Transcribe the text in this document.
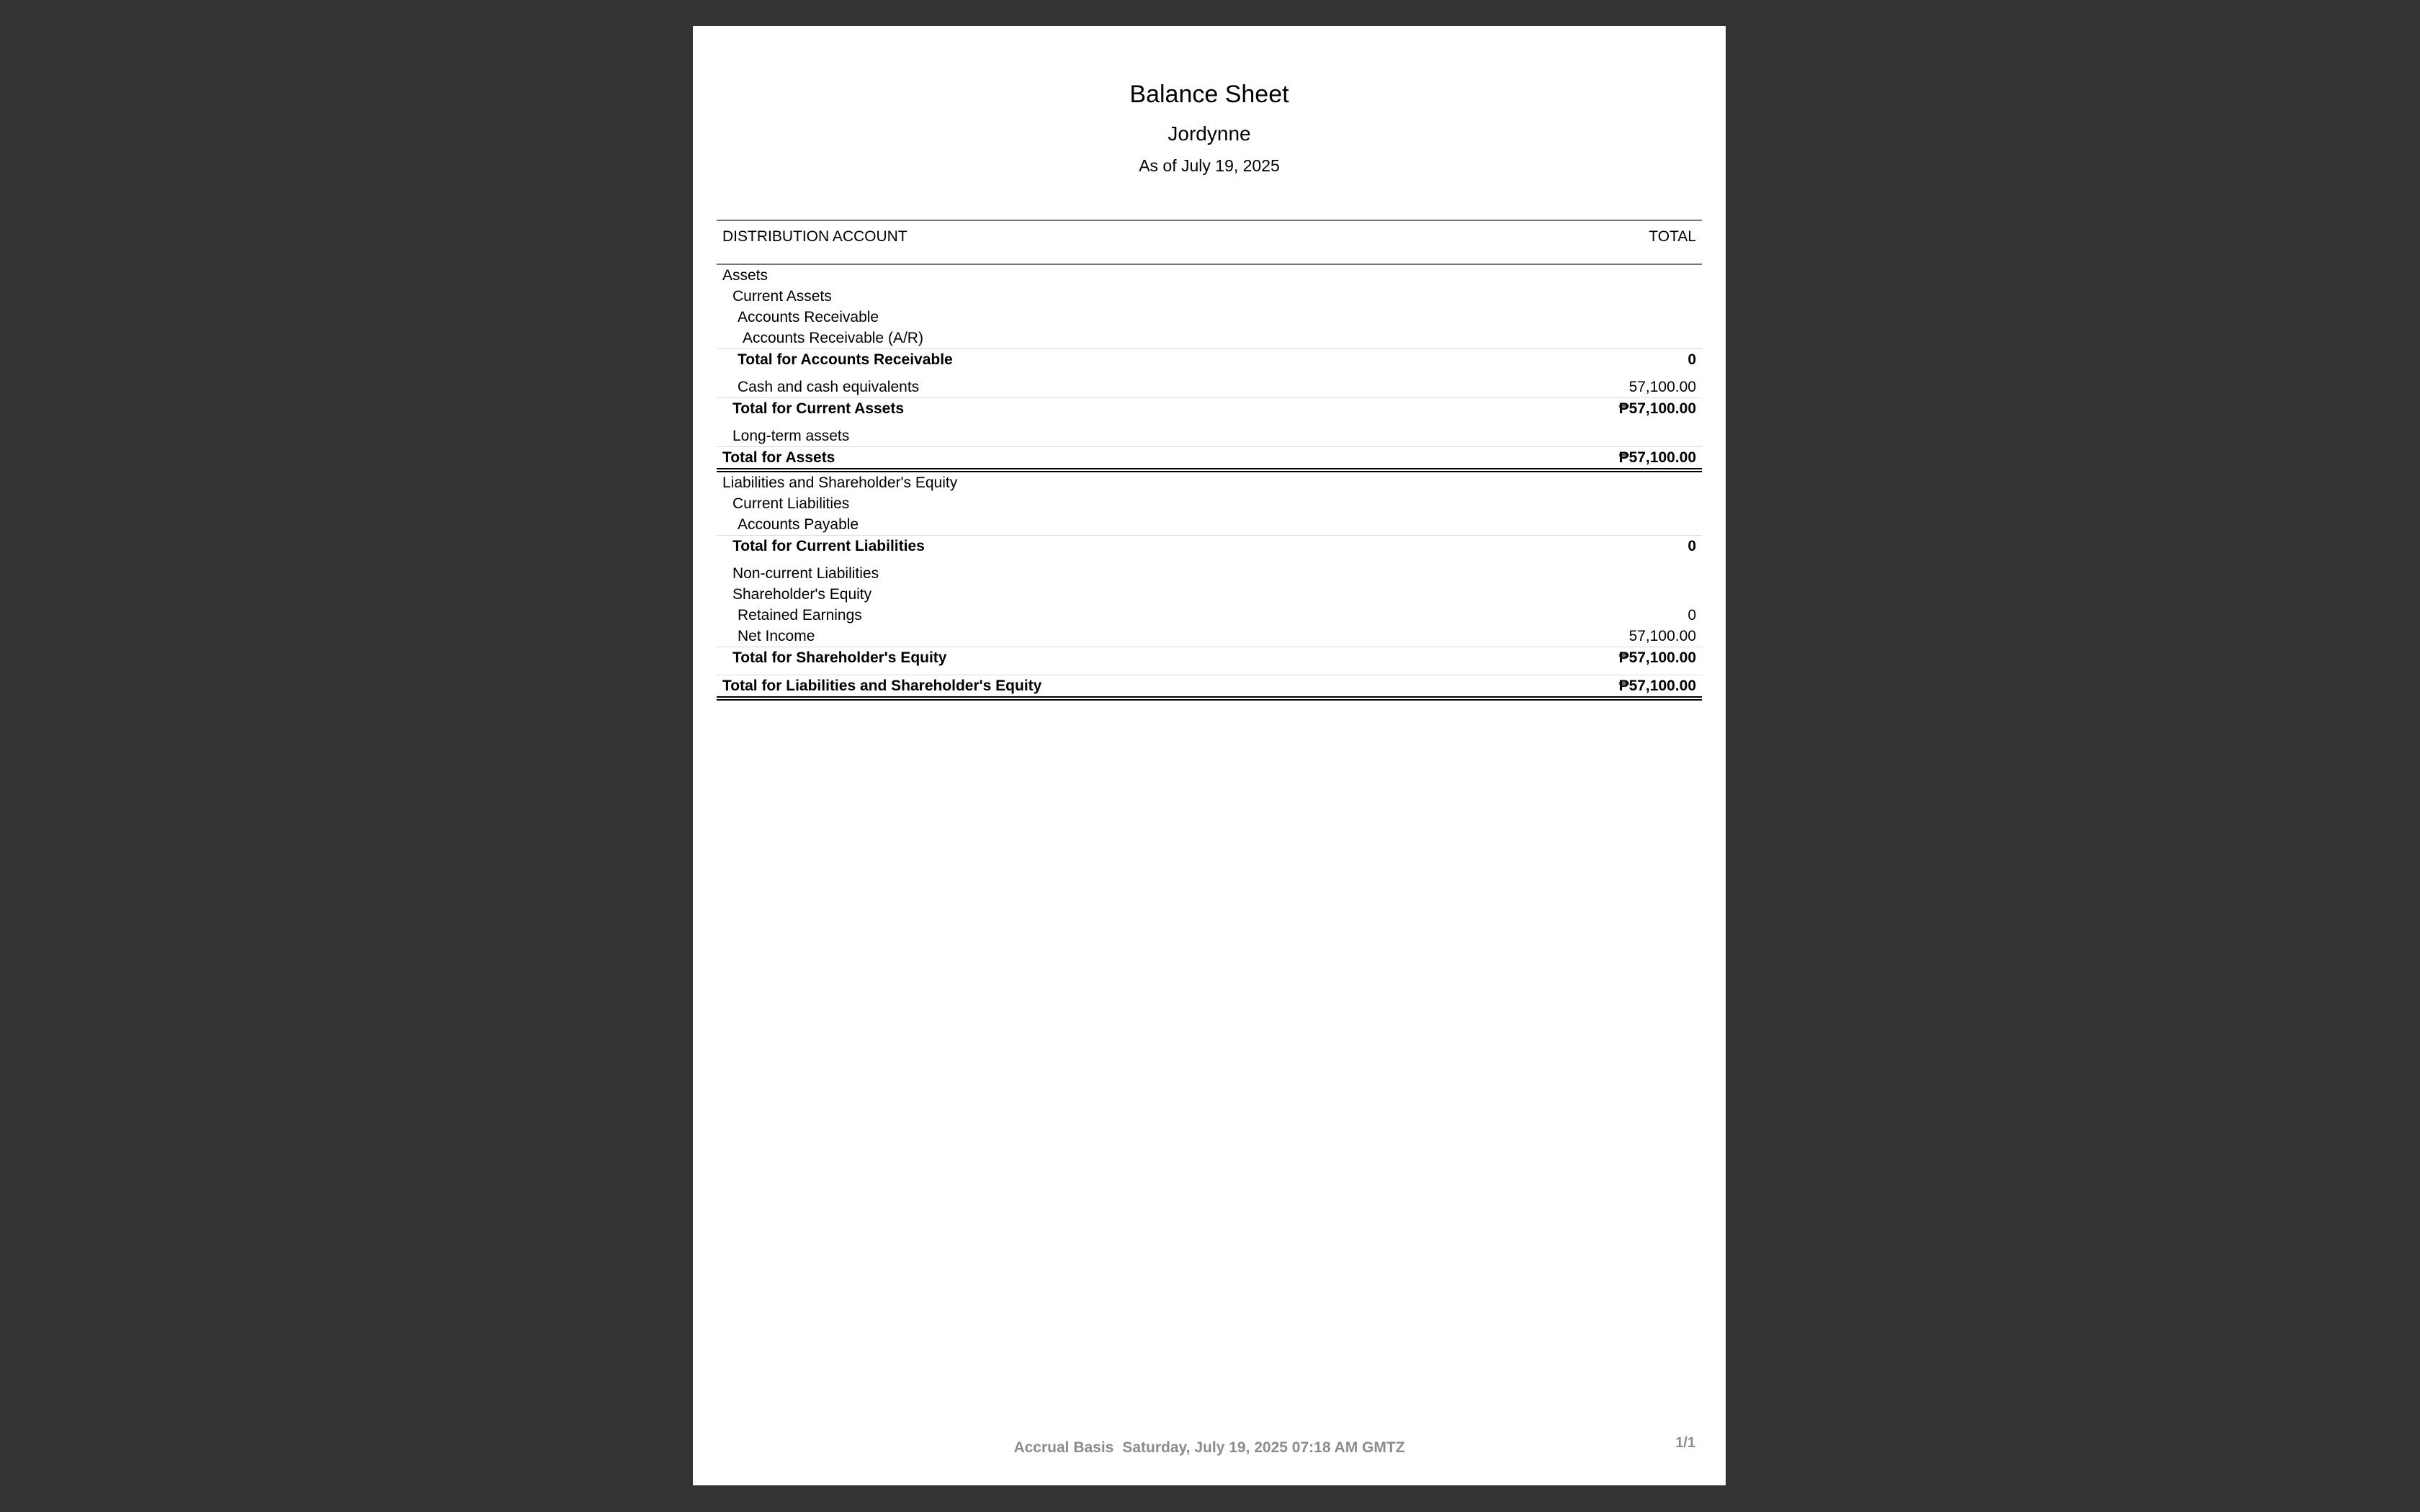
Balance Sheet
Jordynne
As of July 19, 2025
DISTRIBUTION ACCOUNT	TOTAL
Assets
Current Assets
Accounts Receivable
Accounts Receivable (A/R)
Total for Accounts Receivable	0
Cash and cash equivalents	57,100.00
Total for Current Assets	₱57,100.00
Long-term assets
Total for Assets	₱57,100.00
Liabilities and Shareholder's Equity
Current Liabilities
Accounts Payable
Total for Current Liabilities	0
Non-current Liabilities
Shareholder's Equity
Retained Earnings	0
Net Income	57,100.00
Total for Shareholder's Equity	₱57,100.00
Total for Liabilities and Shareholder's Equity	₱57,100.00
Accrual Basis Saturday, July 19, 2025 07:18 AM GMTZ	1/1
